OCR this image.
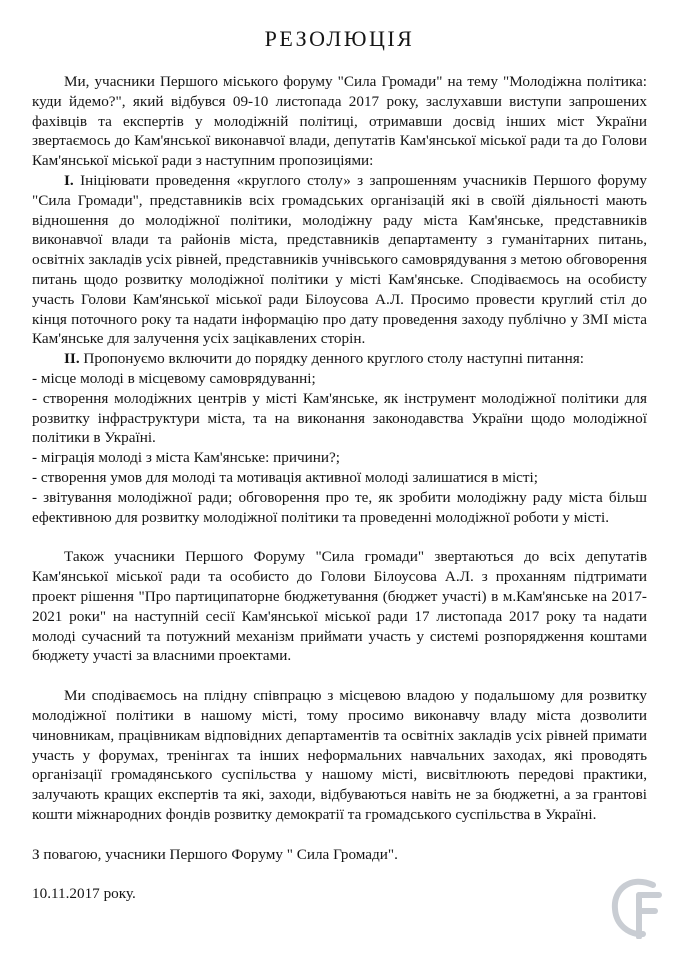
РЕЗОЛЮЦІЯ

Ми, учасники Першого міського форуму "Сила Громади" на тему "Молодіжна політика: куди йдемо?", який відбувся 09-10 листопада 2017 року, заслухавши виступи запрошених фахівців та експертів у молодіжній політиці, отримавши досвід інших міст України звертаємось до Кам'янської виконавчої влади, депутатів Кам'янської міської ради та до Голови Кам'янської міської ради з наступним пропозиціями:

I. Ініціювати проведення «круглого столу» з запрошенням учасників Першого форуму "Сила Громади", представників всіх громадських організацій які в своїй діяльності мають відношення до молодіжної політики, молодіжну раду міста Кам'янське, представників виконавчої влади та районів міста, представників департаменту з гуманітарних питань, освітніх закладів усіх рівней, представників учнівського самоврядування з метою обговорення питань щодо розвитку молодіжної політики у місті Кам'янське. Сподіваємось на особисту участь Голови Кам'янської міської ради Білоусова А.Л. Просимо провести круглий стіл до кінця поточного року та надати інформацію про дату проведення заходу публічно у ЗМІ міста Кам'янське для залучення усіх зацікавлених сторін.

II. Пропонуємо включити до порядку денного круглого столу наступні питання:

- місце молоді в місцевому самоврядуванні;

- створення молодіжних центрів у місті Кам'янське, як інструмент молодіжної політики для розвитку інфраструктури міста, та на виконання законодавства України щодо молодіжної політики в Україні.

- міграція молоді з міста Кам'янське: причини?;

- створення умов для молоді та мотивація активної молоді залишатися в місті;

- звітування молодіжної ради; обговорення про те, як зробити молодіжну раду міста більш ефективною для розвитку молодіжної політики та проведенні молодіжної роботи у місті.

Також учасники Першого Форуму "Сила громади" звертаються до всіх депутатів Кам'янської міської ради та особисто до Голови Білоусова А.Л. з проханням підтримати проект рішення "Про партиципаторне бюджетування (бюджет участі) в м.Кам'янське на 2017-2021 роки" на наступній сесії Кам'янської міської ради 17 листопада 2017 року та надати молоді сучасний та потужний механізм приймати участь у системі розпорядження коштами бюджету участі за власними проектами.

Ми сподіваємось на плідну співпрацю з місцевою владою у подальшому для розвитку молодіжної політики в нашому місті, тому просимо виконавчу владу міста дозволити чиновникам, працівникам відповідних департаментів та освітніх закладів усіх рівней примати участь у форумах, тренінгах та інших неформальних навчальних заходах, які проводять організації громадянського суспільства у нашому місті, висвітлюють передові практики, залучають кращих експертів та які, заходи, відбуваються навіть не за бюджетні, а за грантові кошти міжнародних фондів розвитку демократії та громадського суспільства в Україні.

З повагою, учасники Першого Форуму " Сила Громади".

10.11.2017 року.
